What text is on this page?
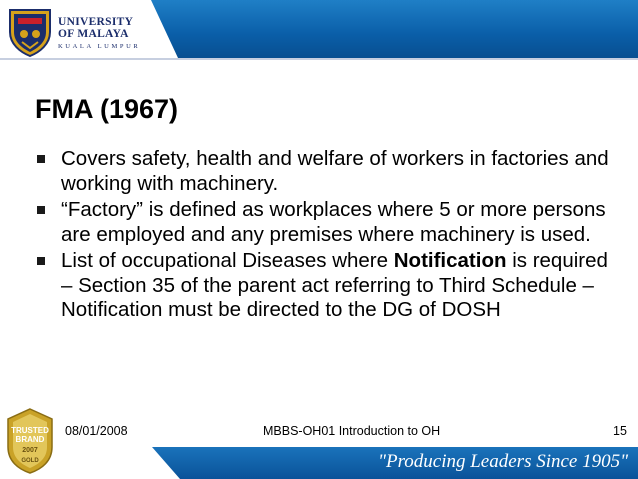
UNIVERSITY
OF MALAYA
KUALA LUMPUR
FMA (1967)
Covers safety, health and welfare of workers in factories and working with machinery.
“Factory” is defined as workplaces where 5 or more persons are employed and any premises where machinery is used.
List of occupational Diseases where Notification is required – Section 35 of the parent act referring to Third Schedule – Notification must be directed to the DG of DOSH
TRUSTED
BRAND
2007
GOLD
08/01/2008	MBBS-OH01 Introduction to OH	15
"Producing Leaders Since 1905"
